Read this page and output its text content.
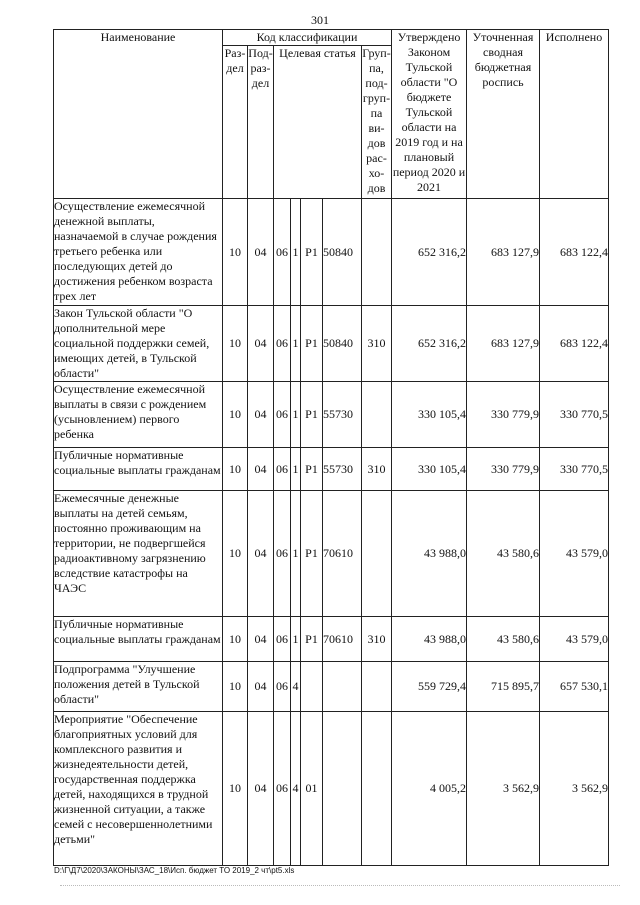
301
Наименование	Код классификации							Утверждено Законом Тульской области "О бюджете Тульской области на 2019 год и на плановый период 2020 и 2021	Уточненная сводная бюджетная роспись	Исполнено
	Раз-дел	Под-раз-дел	Целевая статья				Груп-па, под-груп-па ви-дов рас-хо-дов			
Осуществление ежемесячной денежной выплаты, назначаемой в случае рождения третьего ребенка или последующих детей до достижения ребенком возраста трех лет	10	04	06	1	Р1	50840		652 316,2	683 127,9	683 122,4
Закон Тульской области "О дополнительной мере социальной поддержки семей, имеющих детей, в Тульской области"	10	04	06	1	Р1	50840	310	652 316,2	683 127,9	683 122,4
Осуществление ежемесячной выплаты в связи с рождением (усыновлением) первого ребенка	10	04	06	1	Р1	55730		330 105,4	330 779,9	330 770,5
Публичные нормативные социальные выплаты гражданам	10	04	06	1	Р1	55730	310	330 105,4	330 779,9	330 770,5
Ежемесячные денежные выплаты на детей семьям, постоянно проживающим на территории, не подвергшейся радиоактивному загрязнению вследствие катастрофы на ЧАЭС	10	04	06	1	Р1	70610		43 988,0	43 580,6	43 579,0
Публичные нормативные социальные выплаты гражданам	10	04	06	1	Р1	70610	310	43 988,0	43 580,6	43 579,0
Подпрограмма "Улучшение положения детей в Тульской области"	10	04	06	4				559 729,4	715 895,7	657 530,1
Мероприятие "Обеспечение благоприятных условий для комплексного развития и жизнедеятельности детей, государственная поддержка детей, находящихся в трудной жизненной ситуации, а также семей с несовершеннолетними детьми"	10	04	06	4	01			4 005,2	3 562,9	3 562,9
D:\Г\Д7\2020\ЗАКОНЫ\ЗАС_18\Исп. бюджет ТО 2019_2 чт\pt5.xls
